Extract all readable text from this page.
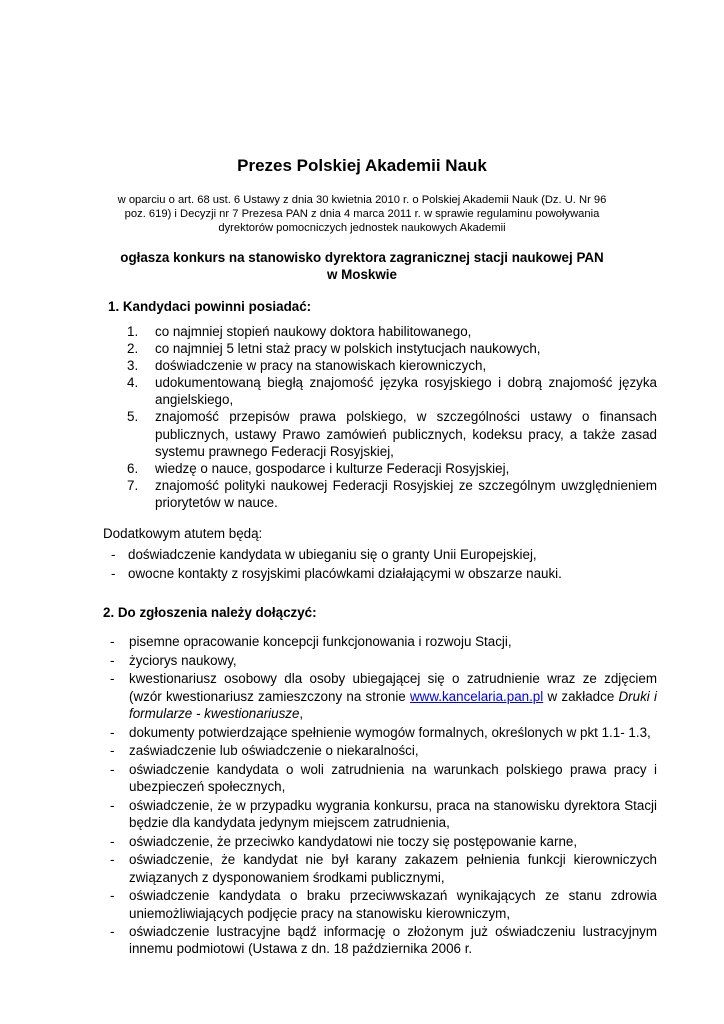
Prezes Polskiej Akademii Nauk
w oparciu o art. 68 ust. 6 Ustawy z dnia 30 kwietnia 2010 r. o Polskiej Akademii Nauk (Dz. U. Nr 96
poz. 619) i Decyzji nr 7 Prezesa PAN z dnia 4 marca 2011 r. w sprawie regulaminu powoływania
dyrektorów pomocniczych jednostek naukowych Akademii
ogłasza konkurs na stanowisko dyrektora zagranicznej stacji naukowej PAN
w Moskwie
1. Kandydaci powinni posiadać:
1. co najmniej stopień naukowy doktora habilitowanego,
2. co najmniej 5 letni staż pracy w polskich instytucjach naukowych,
3. doświadczenie w pracy na stanowiskach kierowniczych,
4. udokumentowaną biegłą znajomość języka rosyjskiego i dobrą znajomość języka angielskiego,
5. znajomość przepisów prawa polskiego, w szczególności ustawy o finansach publicznych, ustawy Prawo zamówień publicznych, kodeksu pracy, a także zasad systemu prawnego Federacji Rosyjskiej,
6. wiedzę o nauce, gospodarce i kulturze Federacji Rosyjskiej,
7. znajomość polityki naukowej Federacji Rosyjskiej ze szczególnym uwzględnieniem priorytetów w nauce.
Dodatkowym atutem będą:
- doświadczenie kandydata w ubieganiu się o granty Unii Europejskiej,
- owocne kontakty z rosyjskimi placówkami działającymi w obszarze nauki.
2. Do zgłoszenia należy dołączyć:
- pisemne opracowanie koncepcji funkcjonowania i rozwoju Stacji,
- życiorys naukowy,
- kwestionariusz osobowy dla osoby ubiegającej się o zatrudnienie wraz ze zdjęciem (wzór kwestionariusz zamieszczony na stronie www.kancelaria.pan.pl w zakładce Druki i formularze - kwestionariusze,
- dokumenty potwierdzające spełnienie wymogów formalnych, określonych w pkt 1.1- 1.3,
- zaświadczenie lub oświadczenie o niekaralności,
- oświadczenie kandydata o woli zatrudnienia na warunkach polskiego prawa pracy i ubezpieczeń społecznych,
- oświadczenie, że w przypadku wygrania konkursu, praca na stanowisku dyrektora Stacji będzie dla kandydata jedynym miejscem zatrudnienia,
- oświadczenie, że przeciwko kandydatowi nie toczy się postępowanie karne,
- oświadczenie, że kandydat nie był karany zakazem pełnienia funkcji kierowniczych związanych z dysponowaniem środkami publicznymi,
- oświadczenie kandydata o braku przeciwwskazań wynikających ze stanu zdrowia uniemożliwiających podjęcie pracy na stanowisku kierowniczym,
- oświadczenie lustracyjne bądź informację o złożonym już oświadczeniu lustracyjnym innemu podmiotowi (Ustawa z dn. 18 października 2006 r.
